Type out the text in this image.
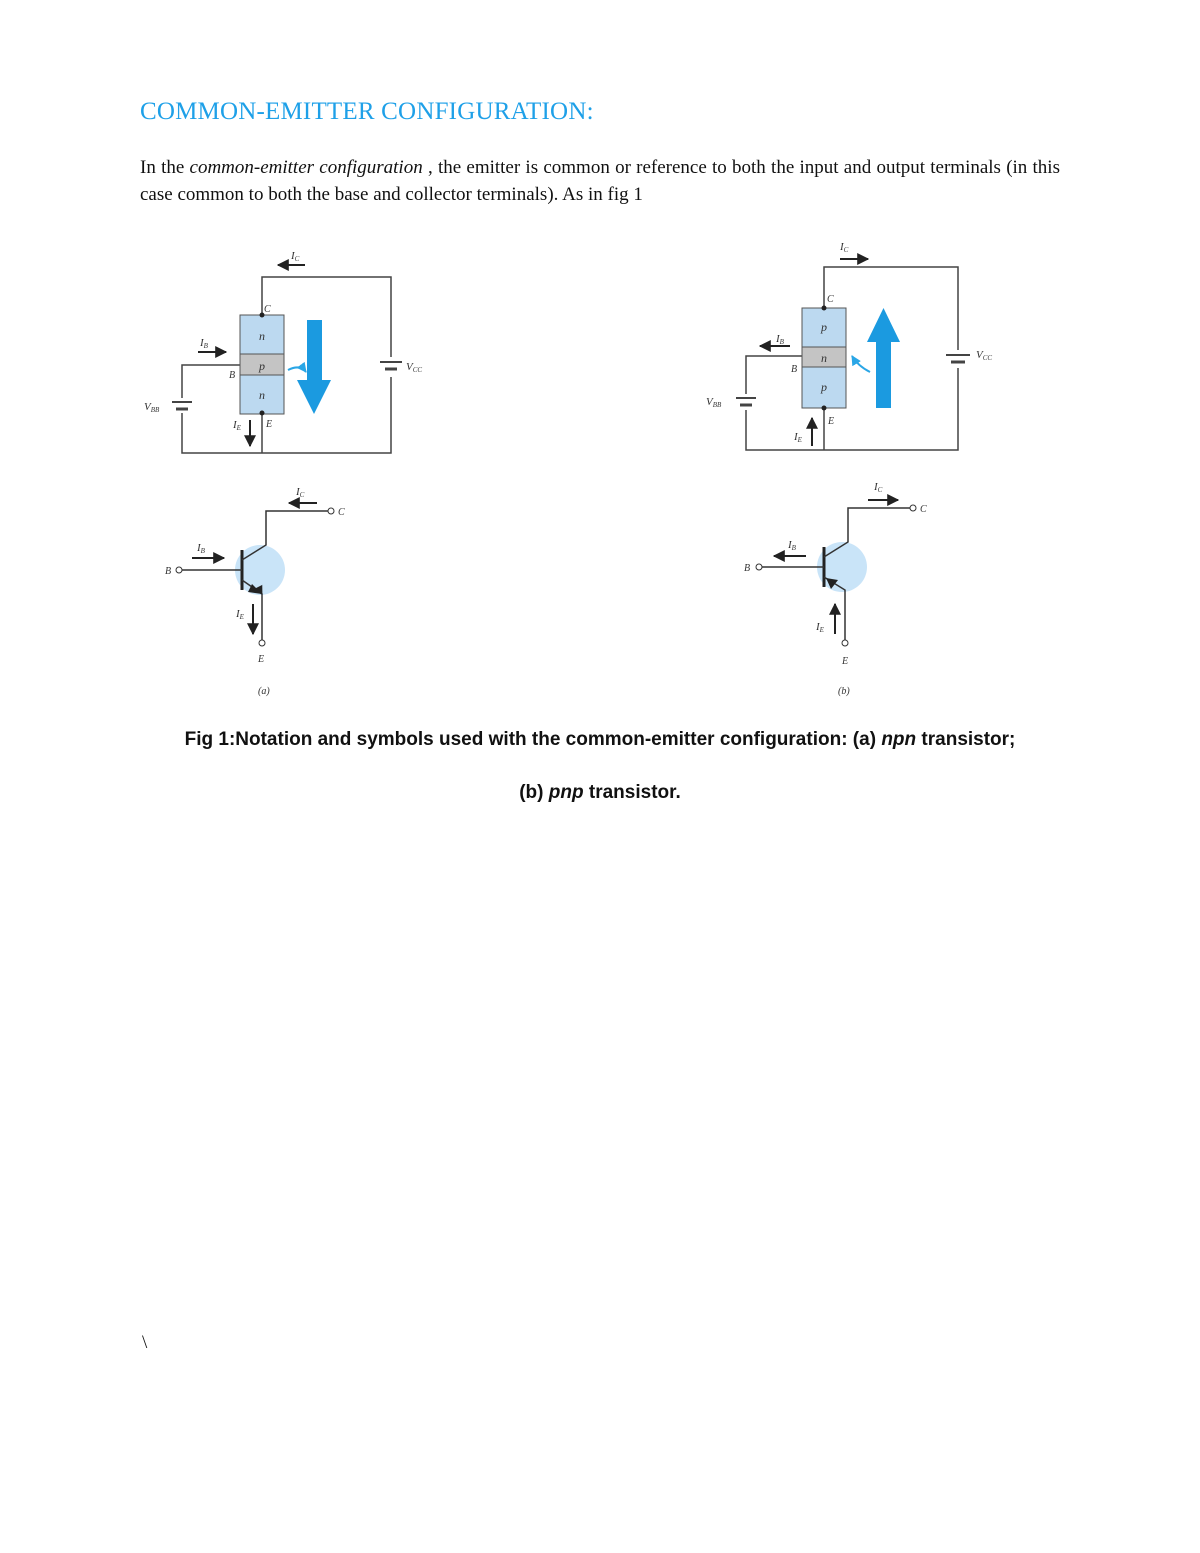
COMMON-EMITTER CONFIGURATION:
In the common-emitter configuration , the emitter is common or reference to both the input and output terminals (in this case common to both the base and collector terminals). As in fig 1
n
p
n
IC
IB
IE
C
B
E
VCC
VBB
IC
IB
IE
B
C
E
(a)
p
n
p
IC
IB
IE
C
B
E
VCC
VBB
IC
IB
IE
B
C
E
(b)
Fig 1:Notation and symbols used with the common-emitter configuration: (a) npn transistor;
(b) pnp transistor.
\
